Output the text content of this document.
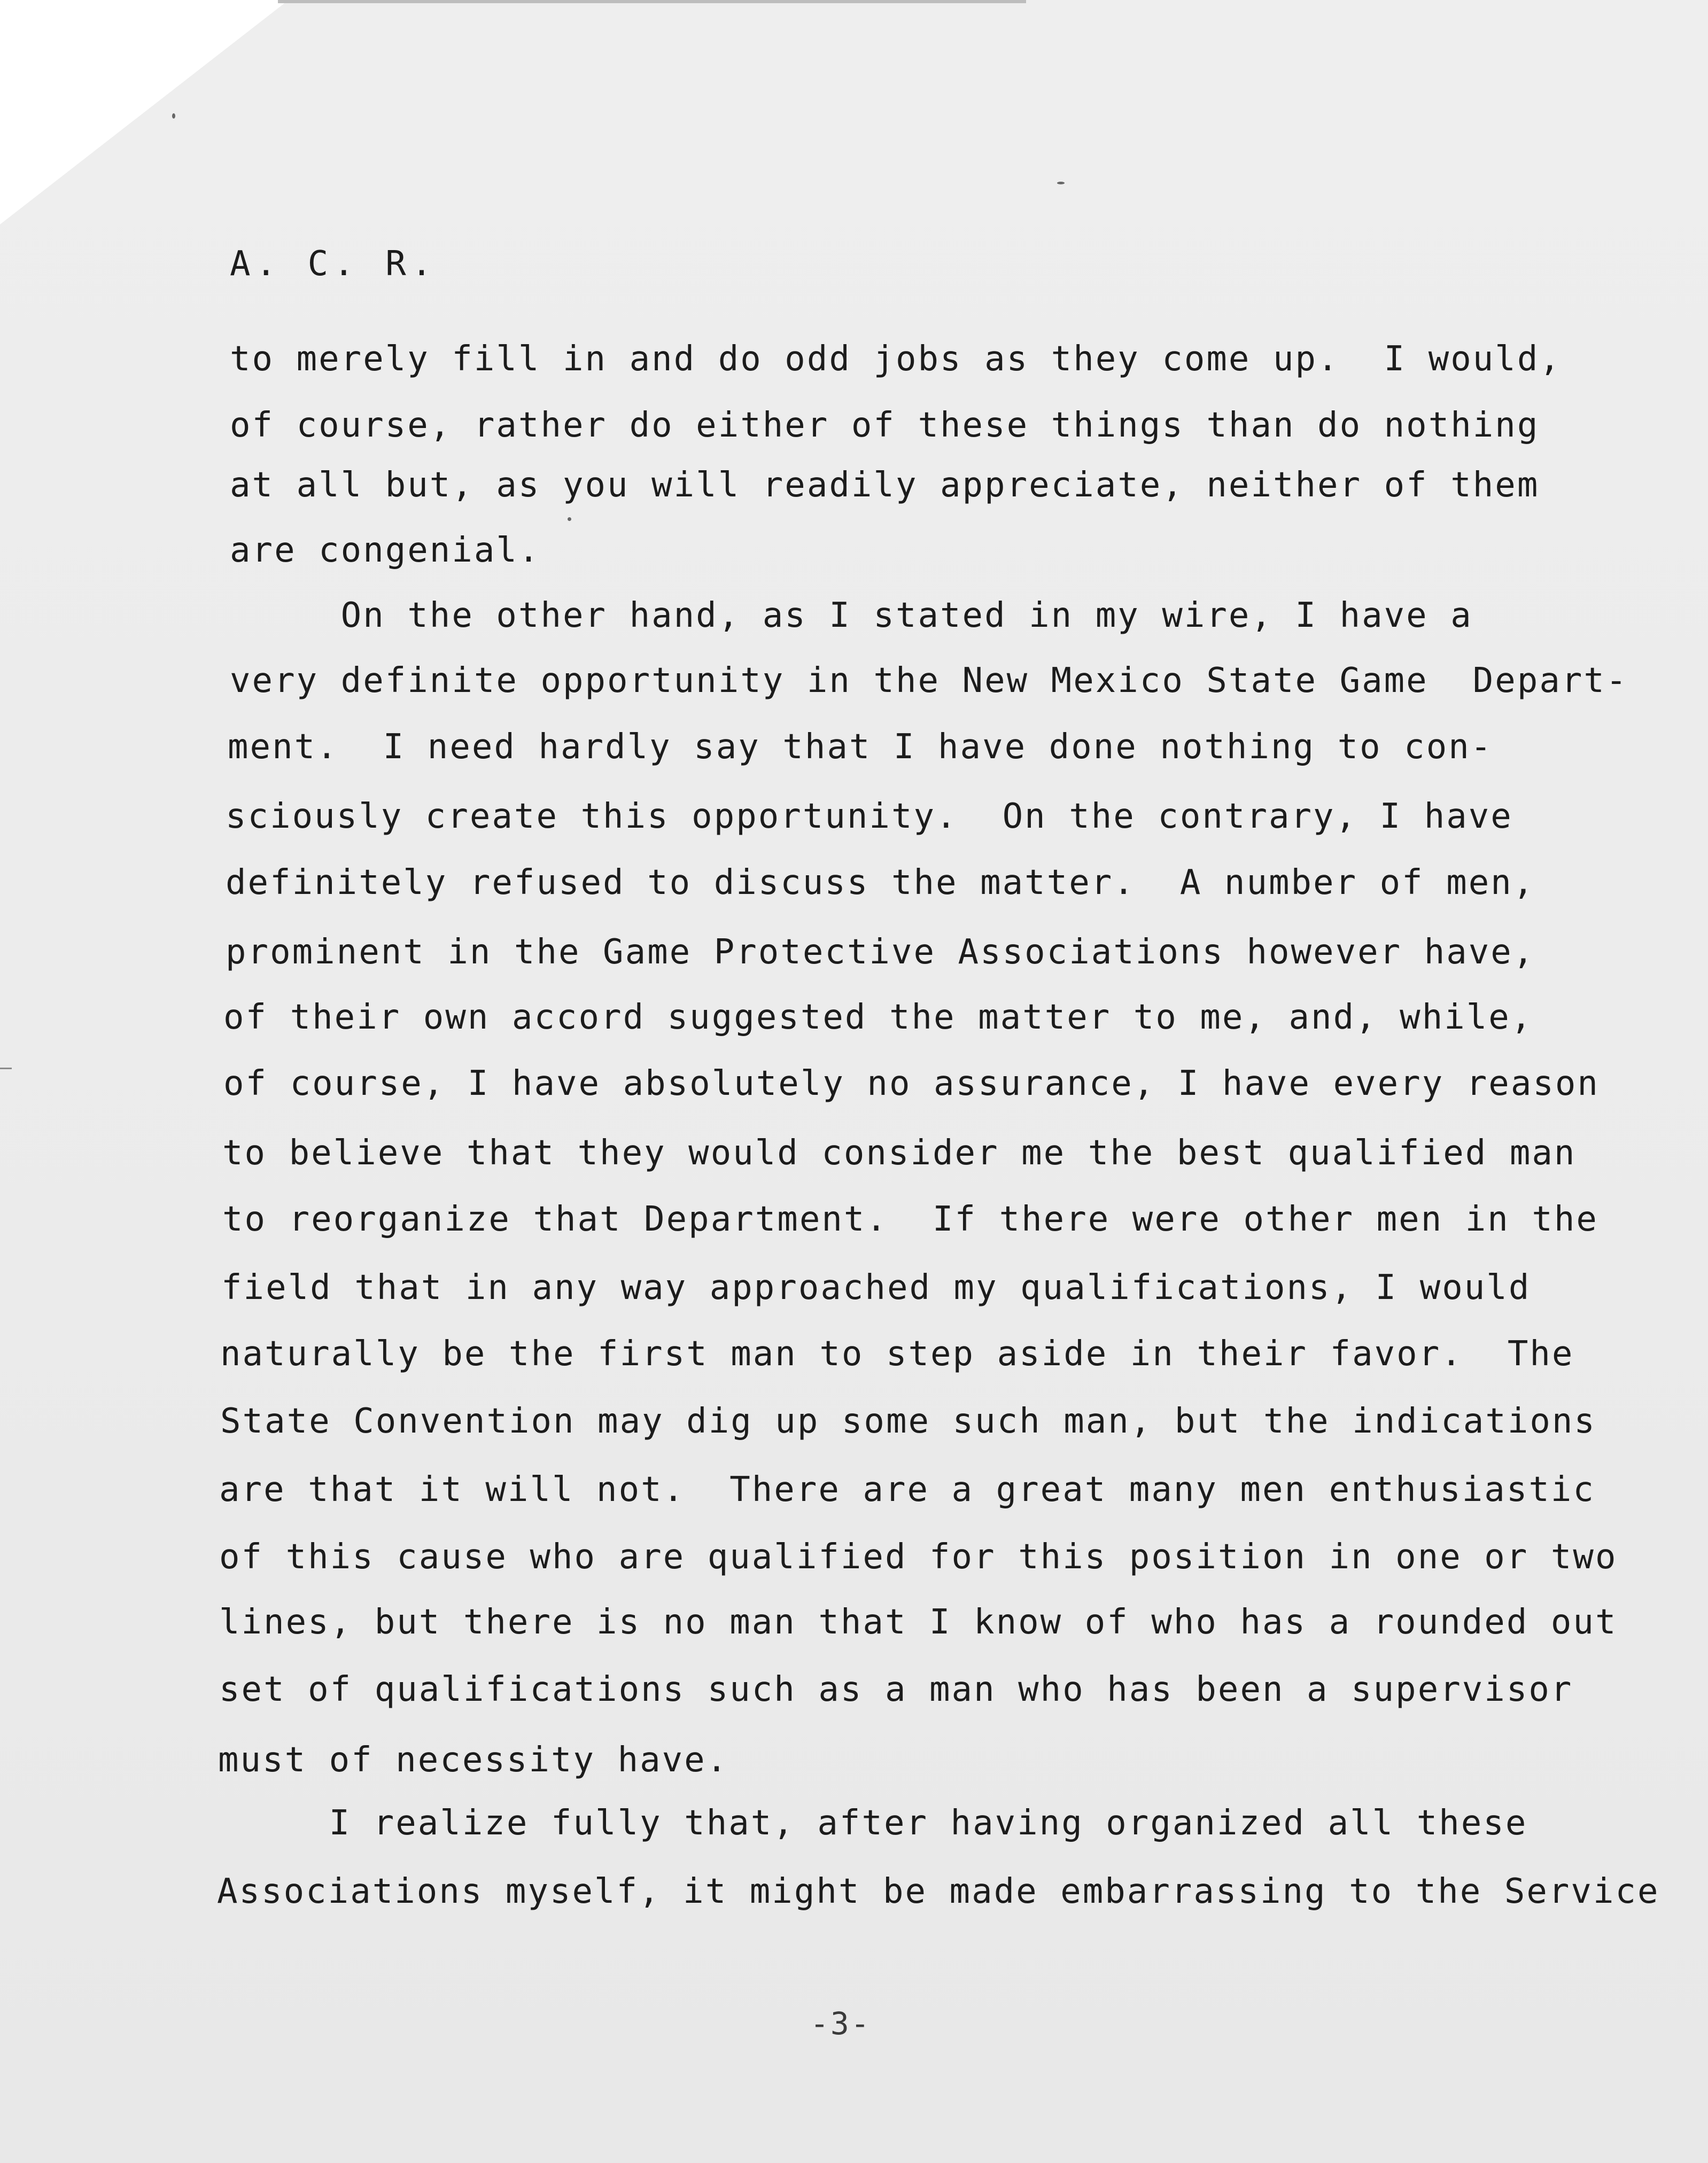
A. C. R.

to merely fill in and do odd jobs as they come up.  I would,

of course, rather do either of these things than do nothing

at all but, as you will readily appreciate, neither of them

are congenial.

On the other hand, as I stated in my wire, I have a

very definite opportunity in the New Mexico State Game  Depart-

ment.  I need hardly say that I have done nothing to con-

sciously create this opportunity.  On the contrary, I have

definitely refused to discuss the matter.  A number of men,

prominent in the Game Protective Associations however have,

of their own accord suggested the matter to me, and, while,

of course, I have absolutely no assurance, I have every reason

to believe that they would consider me the best qualified man

to reorganize that Department.  If there were other men in the

field that in any way approached my qualifications, I would

naturally be the first man to step aside in their favor.  The

State Convention may dig up some such man, but the indications

are that it will not.  There are a great many men enthusiastic

of this cause who are qualified for this position in one or two

lines, but there is no man that I know of who has a rounded out

set of qualifications such as a man who has been a supervisor

must of necessity have.

I realize fully that, after having organized all these

Associations myself, it might be made embarrassing to the Service

-3-
